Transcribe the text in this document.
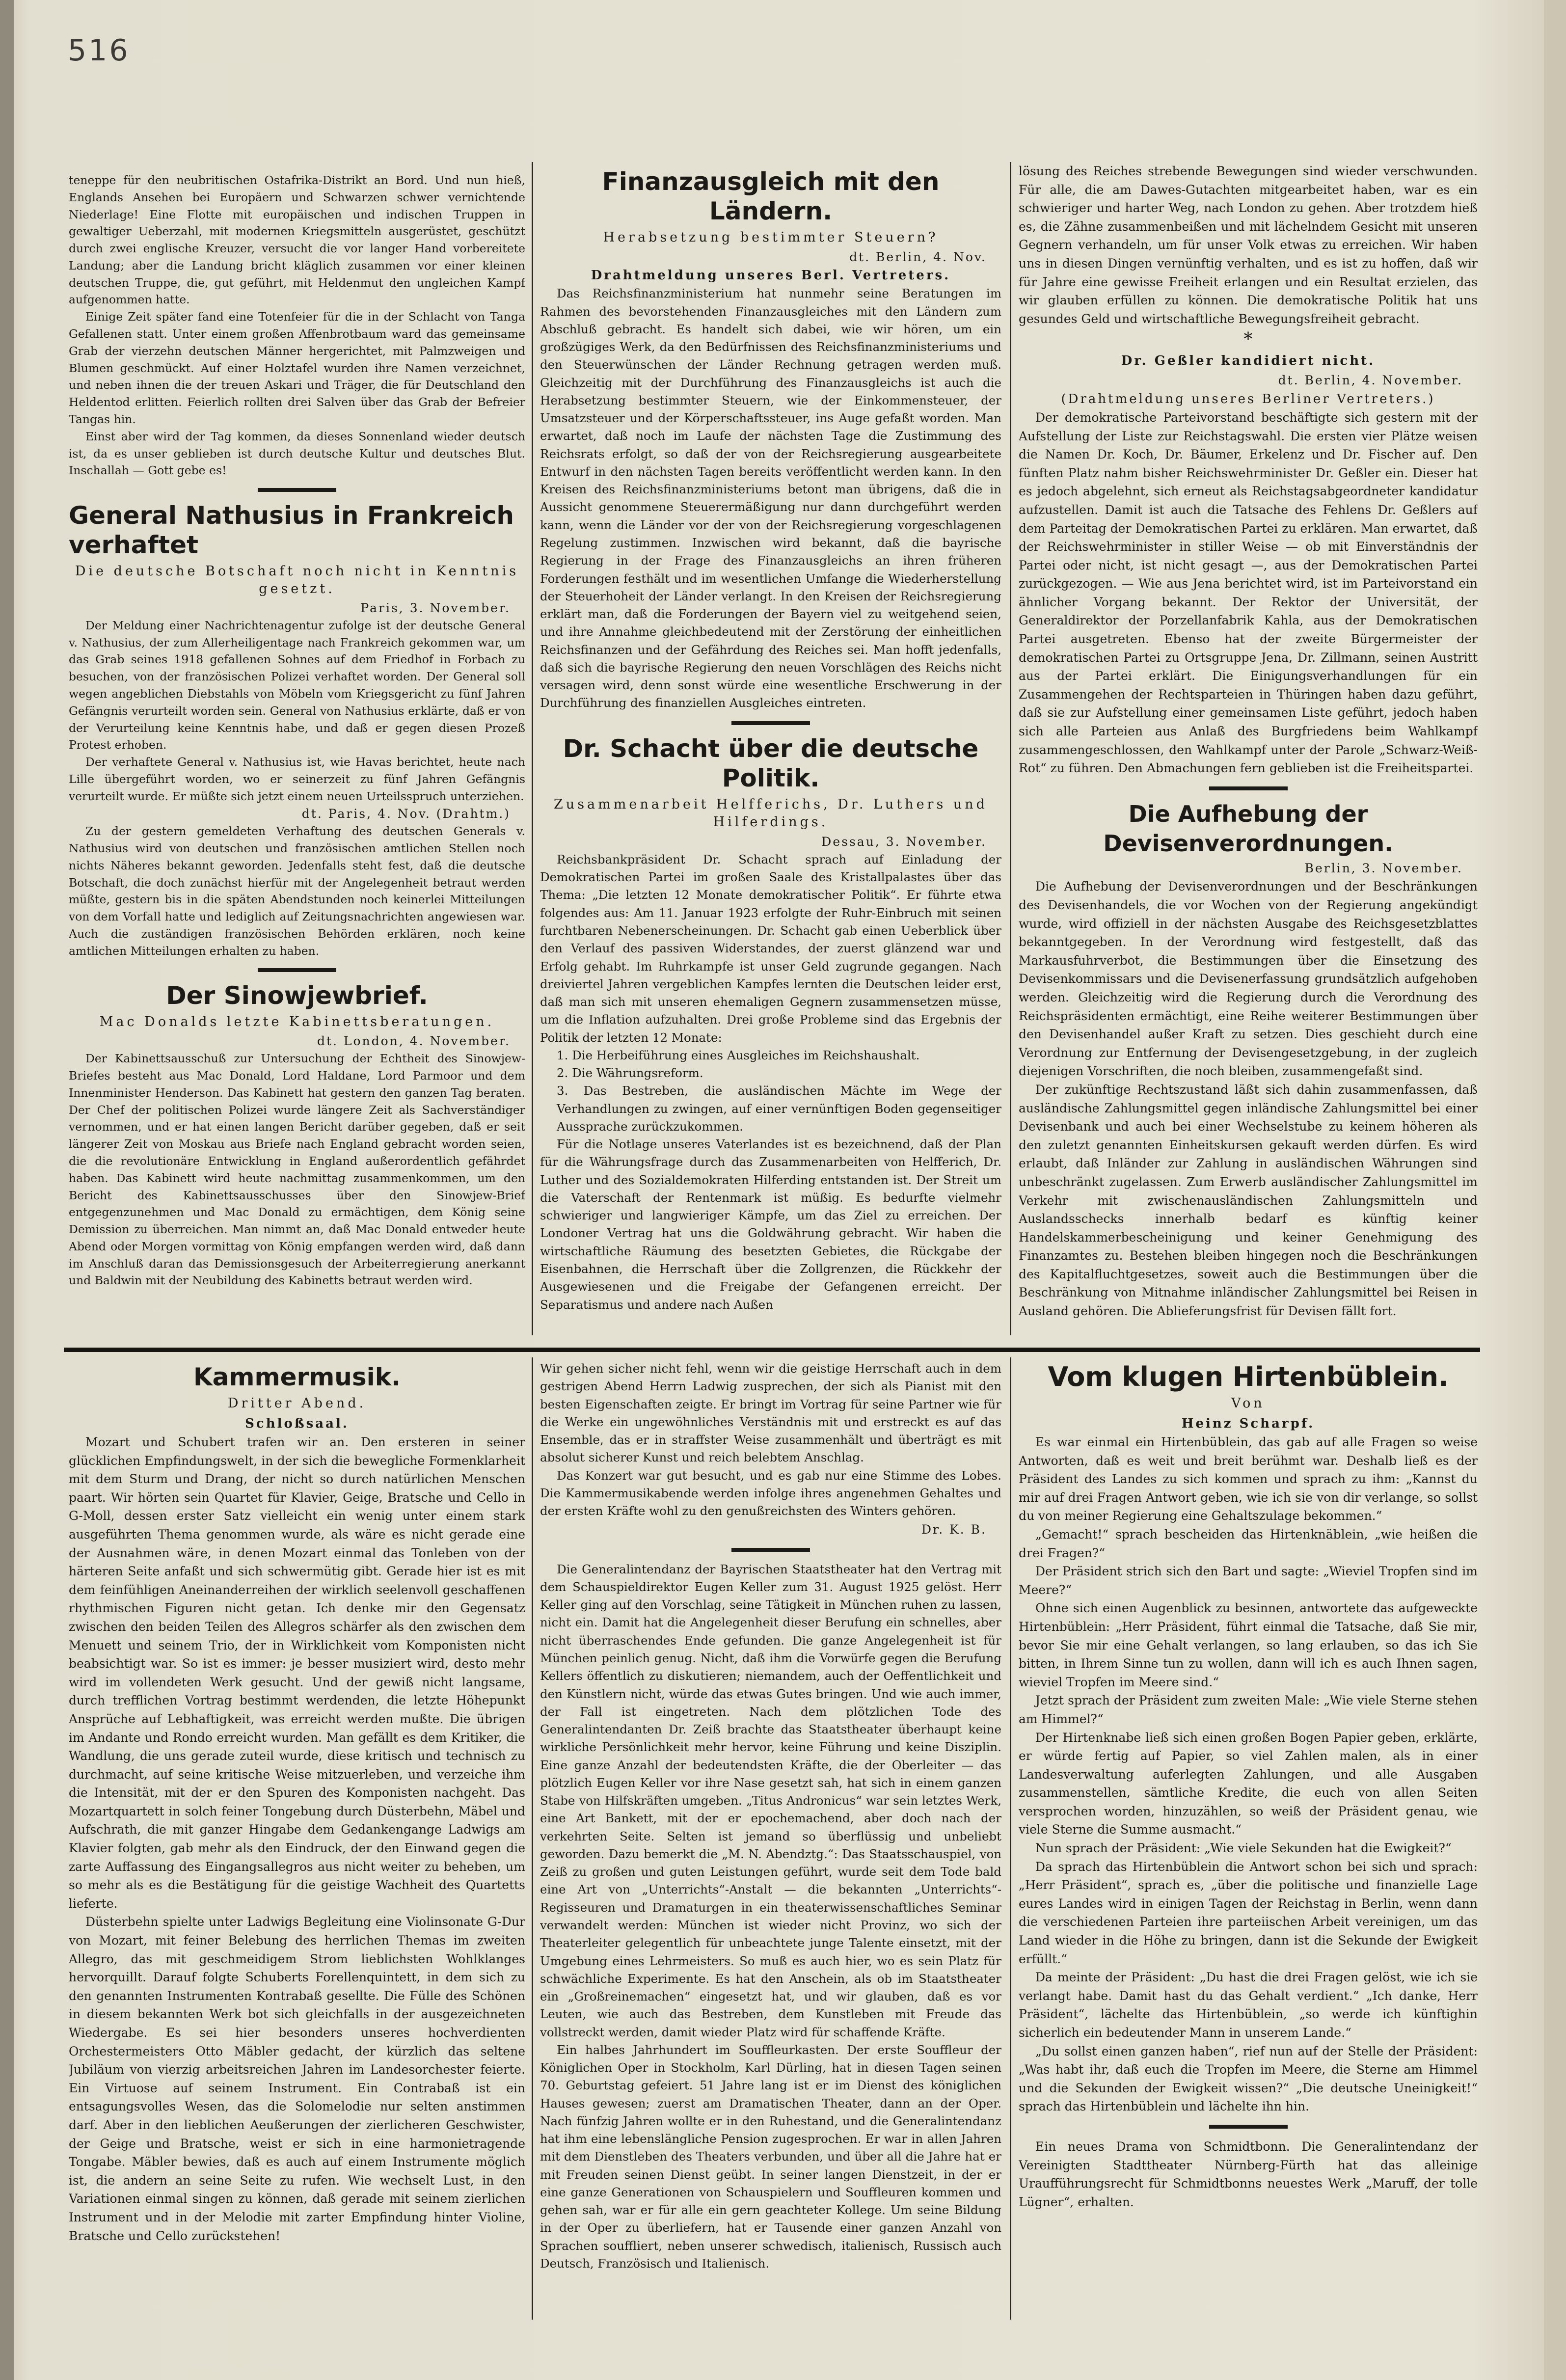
516

teneppe für den neubritischen Ostafrika-Distrikt an Bord. Und nun hieß, Englands Ansehen bei Europäern und Schwarzen schwer vernichtende Niederlage! Eine Flotte mit europäischen und indischen Truppen in gewaltiger Ueberzahl, mit modernen Kriegsmitteln ausgerüstet, geschützt durch zwei englische Kreuzer, versucht die vor langer Hand vorbereitete Landung; aber die Landung bricht kläglich zusammen vor einer kleinen deutschen Truppe, die, gut geführt, mit Heldenmut den ungleichen Kampf aufgenommen hatte.

Einige Zeit später fand eine Totenfeier für die in der Schlacht von Tanga Gefallenen statt. Unter einem großen Affenbrotbaum ward das gemeinsame Grab der vierzehn deutschen Männer hergerichtet, mit Palmzweigen und Blumen geschmückt. Auf einer Holztafel wurden ihre Namen verzeichnet, und neben ihnen die der treuen Askari und Träger, die für Deutschland den Heldentod erlitten. Feierlich rollten drei Salven über das Grab der Befreier Tangas hin.

Einst aber wird der Tag kommen, da dieses Sonnenland wieder deutsch ist, da es unser geblieben ist durch deutsche Kultur und deutsches Blut. Inschallah — Gott gebe es!

General Nathusius in Frankreich verhaftet
Die deutsche Botschaft noch nicht in Kenntnis gesetzt.
Paris, 3. November.

Der Meldung einer Nachrichtenagentur zufolge ist der deutsche General v. Nathusius, der zum Allerheiligentage nach Frankreich gekommen war, um das Grab seines 1918 gefallenen Sohnes auf dem Friedhof in Forbach zu besuchen, von der französischen Polizei verhaftet worden. Der General soll wegen angeblichen Diebstahls von Möbeln vom Kriegsgericht zu fünf Jahren Gefängnis verurteilt worden sein. General von Nathusius erklärte, daß er von der Verurteilung keine Kenntnis habe, und daß er gegen diesen Prozeß Protest erhoben.

Der verhaftete General v. Nathusius ist, wie Havas berichtet, heute nach Lille übergeführt worden, wo er seinerzeit zu fünf Jahren Gefängnis verurteilt wurde. Er müßte sich jetzt einem neuen Urteilsspruch unterziehen.

dt. Paris, 4. Nov. (Drahtm.)

Zu der gestern gemeldeten Verhaftung des deutschen Generals v. Nathusius wird von deutschen und französischen amtlichen Stellen noch nichts Näheres bekannt geworden. Jedenfalls steht fest, daß die deutsche Botschaft, die doch zunächst hierfür mit der Angelegenheit betraut werden müßte, gestern bis in die späten Abendstunden noch keinerlei Mitteilungen von dem Vorfall hatte und lediglich auf Zeitungsnachrichten angewiesen war. Auch die zuständigen französischen Behörden erklären, noch keine amtlichen Mitteilungen erhalten zu haben.

Der Sinowjewbrief.
Mac Donalds letzte Kabinettsberatungen.
dt. London, 4. November.

Der Kabinettsausschuß zur Untersuchung der Echtheit des Sinowjew-Briefes besteht aus Mac Donald, Lord Haldane, Lord Parmoor und dem Innenminister Henderson. Das Kabinett hat gestern den ganzen Tag beraten. Der Chef der politischen Polizei wurde längere Zeit als Sachverständiger vernommen, und er hat einen langen Bericht darüber gegeben, daß er seit längerer Zeit von Moskau aus Briefe nach England gebracht worden seien, die die revolutionäre Entwicklung in England außerordentlich gefährdet haben. Das Kabinett wird heute nachmittag zusammenkommen, um den Bericht des Kabinettsausschusses über den Sinowjew-Brief entgegenzunehmen und Mac Donald zu ermächtigen, dem König seine Demission zu überreichen. Man nimmt an, daß Mac Donald entweder heute Abend oder Morgen vormittag von König empfangen werden wird, daß dann im Anschluß daran das Demissionsgesuch der Arbeiterregierung anerkannt und Baldwin mit der Neubildung des Kabinetts betraut werden wird.

Finanzausgleich mit den Ländern.
Herabsetzung bestimmter Steuern?
dt. Berlin, 4. Nov.
Drahtmeldung unseres Berl. Vertreters.

Das Reichsfinanzministerium hat nunmehr seine Beratungen im Rahmen des bevorstehenden Finanzausgleiches mit den Ländern zum Abschluß gebracht. Es handelt sich dabei, wie wir hören, um ein großzügiges Werk, da den Bedürfnissen des Reichsfinanzministeriums und den Steuerwünschen der Länder Rechnung getragen werden muß. Gleichzeitig mit der Durchführung des Finanzausgleichs ist auch die Herabsetzung bestimmter Steuern, wie der Einkommensteuer, der Umsatzsteuer und der Körperschaftssteuer, ins Auge gefaßt worden. Man erwartet, daß noch im Laufe der nächsten Tage die Zustimmung des Reichsrats erfolgt, so daß der von der Reichsregierung ausgearbeitete Entwurf in den nächsten Tagen bereits veröffentlicht werden kann. In den Kreisen des Reichsfinanzministeriums betont man übrigens, daß die in Aussicht genommene Steuerermäßigung nur dann durchgeführt werden kann, wenn die Länder vor der von der Reichsregierung vorgeschlagenen Regelung zustimmen. Inzwischen wird bekannt, daß die bayrische Regierung in der Frage des Finanzausgleichs an ihren früheren Forderungen festhält und im wesentlichen Umfange die Wiederherstellung der Steuerhoheit der Länder verlangt. In den Kreisen der Reichsregierung erklärt man, daß die Forderungen der Bayern viel zu weitgehend seien, und ihre Annahme gleichbedeutend mit der Zerstörung der einheitlichen Reichsfinanzen und der Gefährdung des Reiches sei. Man hofft jedenfalls, daß sich die bayrische Regierung den neuen Vorschlägen des Reichs nicht versagen wird, denn sonst würde eine wesentliche Erschwerung in der Durchführung des finanziellen Ausgleiches eintreten.

Dr. Schacht über die deutsche Politik.
Zusammenarbeit Helfferichs, Dr. Luthers und Hilferdings.
Dessau, 3. November.

Reichsbankpräsident Dr. Schacht sprach auf Einladung der Demokratischen Partei im großen Saale des Kristallpalastes über das Thema: „Die letzten 12 Monate demokratischer Politik“. Er führte etwa folgendes aus: Am 11. Januar 1923 erfolgte der Ruhr-Einbruch mit seinen furchtbaren Nebenerscheinungen. Dr. Schacht gab einen Ueberblick über den Verlauf des passiven Widerstandes, der zuerst glänzend war und Erfolg gehabt. Im Ruhrkampfe ist unser Geld zugrunde gegangen. Nach dreiviertel Jahren vergeblichen Kampfes lernten die Deutschen leider erst, daß man sich mit unseren ehemaligen Gegnern zusammensetzen müsse, um die Inflation aufzuhalten. Drei große Probleme sind das Ergebnis der Politik der letzten 12 Monate:

1. Die Herbeiführung eines Ausgleiches im Reichshaushalt.

2. Die Währungsreform.

3. Das Bestreben, die ausländischen Mächte im Wege der Verhandlungen zu zwingen, auf einer vernünftigen Boden gegenseitiger Aussprache zurückzukommen.

Für die Notlage unseres Vaterlandes ist es bezeichnend, daß der Plan für die Währungsfrage durch das Zusammenarbeiten von Helfferich, Dr. Luther und des Sozialdemokraten Hilferding entstanden ist. Der Streit um die Vaterschaft der Rentenmark ist müßig. Es bedurfte vielmehr schwieriger und langwieriger Kämpfe, um das Ziel zu erreichen. Der Londoner Vertrag hat uns die Goldwährung gebracht. Wir haben die wirtschaftliche Räumung des besetzten Gebietes, die Rückgabe der Eisenbahnen, die Herrschaft über die Zollgrenzen, die Rückkehr der Ausgewiesenen und die Freigabe der Gefangenen erreicht. Der Separatismus und andere nach Außen

lösung des Reiches strebende Bewegungen sind wieder verschwunden. Für alle, die am Dawes-Gutachten mitgearbeitet haben, war es ein schwieriger und harter Weg, nach London zu gehen. Aber trotzdem hieß es, die Zähne zusammenbeißen und mit lächelndem Gesicht mit unseren Gegnern verhandeln, um für unser Volk etwas zu erreichen. Wir haben uns in diesen Dingen vernünftig verhalten, und es ist zu hoffen, daß wir für Jahre eine gewisse Freiheit erlangen und ein Resultat erzielen, das wir glauben erfüllen zu können. Die demokratische Politik hat uns gesundes Geld und wirtschaftliche Bewegungsfreiheit gebracht.

*
Dr. Geßler kandidiert nicht.
dt. Berlin, 4. November.
(Drahtmeldung unseres Berliner Vertreters.)

Der demokratische Parteivorstand beschäftigte sich gestern mit der Aufstellung der Liste zur Reichstagswahl. Die ersten vier Plätze weisen die Namen Dr. Koch, Dr. Bäumer, Erkelenz und Dr. Fischer auf. Den fünften Platz nahm bisher Reichswehrminister Dr. Geßler ein. Dieser hat es jedoch abgelehnt, sich erneut als Reichstagsabgeordneter kandidatur aufzustellen. Damit ist auch die Tatsache des Fehlens Dr. Geßlers auf dem Parteitag der Demokratischen Partei zu erklären. Man erwartet, daß der Reichswehrminister in stiller Weise — ob mit Einverständnis der Partei oder nicht, ist nicht gesagt —, aus der Demokratischen Partei zurückgezogen. — Wie aus Jena berichtet wird, ist im Parteivorstand ein ähnlicher Vorgang bekannt. Der Rektor der Universität, der Generaldirektor der Porzellanfabrik Kahla, aus der Demokratischen Partei ausgetreten. Ebenso hat der zweite Bürgermeister der demokratischen Partei zu Ortsgruppe Jena, Dr. Zillmann, seinen Austritt aus der Partei erklärt. Die Einigungsverhandlungen für ein Zusammengehen der Rechtsparteien in Thüringen haben dazu geführt, daß sie zur Aufstellung einer gemeinsamen Liste geführt, jedoch haben sich alle Parteien aus Anlaß des Burgfriedens beim Wahlkampf zusammengeschlossen, den Wahlkampf unter der Parole „Schwarz-Weiß-Rot“ zu führen. Den Abmachungen fern geblieben ist die Freiheitspartei.

Die Aufhebung der Devisenverordnungen.
Berlin, 3. November.

Die Aufhebung der Devisenverordnungen und der Beschränkungen des Devisenhandels, die vor Wochen von der Regierung angekündigt wurde, wird offiziell in der nächsten Ausgabe des Reichsgesetzblattes bekanntgegeben. In der Verordnung wird festgestellt, daß das Markausfuhrverbot, die Bestimmungen über die Einsetzung des Devisenkommissars und die Devisenerfassung grundsätzlich aufgehoben werden. Gleichzeitig wird die Regierung durch die Verordnung des Reichspräsidenten ermächtigt, eine Reihe weiterer Bestimmungen über den Devisenhandel außer Kraft zu setzen. Dies geschieht durch eine Verordnung zur Entfernung der Devisengesetzgebung, in der zugleich diejenigen Vorschriften, die noch bleiben, zusammengefaßt sind.

Der zukünftige Rechtszustand läßt sich dahin zusammenfassen, daß ausländische Zahlungsmittel gegen inländische Zahlungsmittel bei einer Devisenbank und auch bei einer Wechselstube zu keinem höheren als den zuletzt genannten Einheitskursen gekauft werden dürfen. Es wird erlaubt, daß Inländer zur Zahlung in ausländischen Währungen sind unbeschränkt zugelassen. Zum Erwerb ausländischer Zahlungsmittel im Verkehr mit zwischenausländischen Zahlungsmitteln und Auslandsschecks innerhalb bedarf es künftig keiner Handelskammerbescheinigung und keiner Genehmigung des Finanzamtes zu. Bestehen bleiben hingegen noch die Beschränkungen des Kapitalfluchtgesetzes, soweit auch die Bestimmungen über die Beschränkung von Mitnahme inländischer Zahlungsmittel bei Reisen in Ausland gehören. Die Ablieferungsfrist für Devisen fällt fort.

Kammermusik.
Dritter Abend.
Schloßsaal.

Mozart und Schubert trafen wir an. Den ersteren in seiner glücklichen Empfindungswelt, in der sich die bewegliche Formenklarheit mit dem Sturm und Drang, der nicht so durch natürlichen Menschen paart. Wir hörten sein Quartet für Klavier, Geige, Bratsche und Cello in G-Moll, dessen erster Satz vielleicht ein wenig unter einem stark ausgeführten Thema genommen wurde, als wäre es nicht gerade eine der Ausnahmen wäre, in denen Mozart einmal das Tonleben von der härteren Seite anfaßt und sich schwermütig gibt. Gerade hier ist es mit dem feinfühligen Aneinanderreihen der wirklich seelenvoll geschaffenen rhythmischen Figuren nicht getan. Ich denke mir den Gegensatz zwischen den beiden Teilen des Allegros schärfer als den zwischen dem Menuett und seinem Trio, der in Wirklichkeit vom Komponisten nicht beabsichtigt war. So ist es immer: je besser musiziert wird, desto mehr wird im vollendeten Werk gesucht. Und der gewiß nicht langsame, durch trefflichen Vortrag bestimmt werdenden, die letzte Höhepunkt Ansprüche auf Lebhaftigkeit, was erreicht werden mußte. Die übrigen im Andante und Rondo erreicht wurden. Man gefällt es dem Kritiker, die Wandlung, die uns gerade zuteil wurde, diese kritisch und technisch zu durchmacht, auf seine kritische Weise mitzuerleben, und verzeiche ihm die Intensität, mit der er den Spuren des Komponisten nachgeht. Das Mozartquartett in solch feiner Tongebung durch Düsterbehn, Mäbel und Aufschrath, die mit ganzer Hingabe dem Gedankengange Ladwigs am Klavier folgten, gab mehr als den Eindruck, der den Einwand gegen die zarte Auffassung des Eingangsallegros aus nicht weiter zu beheben, um so mehr als es die Bestätigung für die geistige Wachheit des Quartetts lieferte.

Düsterbehn spielte unter Ladwigs Begleitung eine Violinsonate G-Dur von Mozart, mit feiner Belebung des herrlichen Themas im zweiten Allegro, das mit geschmeidigem Strom lieblichsten Wohlklanges hervorquillt. Darauf folgte Schuberts Forellenquintett, in dem sich zu den genannten Instrumenten Kontrabaß gesellte. Die Fülle des Schönen in diesem bekannten Werk bot sich gleichfalls in der ausgezeichneten Wiedergabe. Es sei hier besonders unseres hochverdienten Orchestermeisters Otto Mäbler gedacht, der kürzlich das seltene Jubiläum von vierzig arbeitsreichen Jahren im Landesorchester feierte. Ein Virtuose auf seinem Instrument. Ein Contrabaß ist ein entsagungsvolles Wesen, das die Solomelodie nur selten anstimmen darf. Aber in den lieblichen Aeußerungen der zierlicheren Geschwister, der Geige und Bratsche, weist er sich in eine harmonietragende Tongabe. Mäbler bewies, daß es auch auf einem Instrumente möglich ist, die andern an seine Seite zu rufen. Wie wechselt Lust, in den Variationen einmal singen zu können, daß gerade mit seinem zierlichen Instrument und in der Melodie mit zarter Empfindung hinter Violine, Bratsche und Cello zurückstehen!

Wir gehen sicher nicht fehl, wenn wir die geistige Herrschaft auch in dem gestrigen Abend Herrn Ladwig zusprechen, der sich als Pianist mit den besten Eigenschaften zeigte. Er bringt im Vortrag für seine Partner wie für die Werke ein ungewöhnliches Verständnis mit und erstreckt es auf das Ensemble, das er in straffster Weise zusammenhält und überträgt es mit absolut sicherer Kunst und reich belebtem Anschlag.

Das Konzert war gut besucht, und es gab nur eine Stimme des Lobes. Die Kammermusikabende werden infolge ihres angenehmen Gehaltes und der ersten Kräfte wohl zu den genußreichsten des Winters gehören.

Dr. K. B.

Die Generalintendanz der Bayrischen Staatstheater hat den Vertrag mit dem Schauspieldirektor Eugen Keller zum 31. August 1925 gelöst. Herr Keller ging auf den Vorschlag, seine Tätigkeit in München ruhen zu lassen, nicht ein. Damit hat die Angelegenheit dieser Berufung ein schnelles, aber nicht überraschendes Ende gefunden. Die ganze Angelegenheit ist für München peinlich genug. Nicht, daß ihm die Vorwürfe gegen die Berufung Kellers öffentlich zu diskutieren; niemandem, auch der Oeffentlichkeit und den Künstlern nicht, würde das etwas Gutes bringen. Und wie auch immer, der Fall ist eingetreten. Nach dem plötzlichen Tode des Generalintendanten Dr. Zeiß brachte das Staatstheater überhaupt keine wirkliche Persönlichkeit mehr hervor, keine Führung und keine Disziplin. Eine ganze Anzahl der bedeutendsten Kräfte, die der Oberleiter — das plötzlich Eugen Keller vor ihre Nase gesetzt sah, hat sich in einem ganzen Stabe von Hilfskräften umgeben. „Titus Andronicus“ war sein letztes Werk, eine Art Bankett, mit der er epochemachend, aber doch nach der verkehrten Seite. Selten ist jemand so überflüssig und unbeliebt geworden. Dazu bemerkt die „M. N. Abendztg.“: Das Staatsschauspiel, von Zeiß zu großen und guten Leistungen geführt, wurde seit dem Tode bald eine Art von „Unterrichts“-Anstalt — die bekannten „Unterrichts“-Regisseuren und Dramaturgen in ein theaterwissenschaftliches Seminar verwandelt werden: München ist wieder nicht Provinz, wo sich der Theaterleiter gelegentlich für unbeachtete junge Talente einsetzt, mit der Umgebung eines Lehrmeisters. So muß es auch hier, wo es sein Platz für schwächliche Experimente. Es hat den Anschein, als ob im Staatstheater ein „Großreinemachen“ eingesetzt hat, und wir glauben, daß es vor Leuten, wie auch das Bestreben, dem Kunstleben mit Freude das vollstreckt werden, damit wieder Platz wird für schaffende Kräfte.

Ein halbes Jahrhundert im Souffleurkasten. Der erste Souffleur der Königlichen Oper in Stockholm, Karl Dürling, hat in diesen Tagen seinen 70. Geburtstag gefeiert. 51 Jahre lang ist er im Dienst des königlichen Hauses gewesen; zuerst am Dramatischen Theater, dann an der Oper. Nach fünfzig Jahren wollte er in den Ruhestand, und die Generalintendanz hat ihm eine lebenslängliche Pension zugesprochen. Er war in allen Jahren mit dem Dienstleben des Theaters verbunden, und über all die Jahre hat er mit Freuden seinen Dienst geübt. In seiner langen Dienstzeit, in der er eine ganze Generationen von Schauspielern und Souffleuren kommen und gehen sah, war er für alle ein gern geachteter Kollege. Um seine Bildung in der Oper zu überliefern, hat er Tausende einer ganzen Anzahl von Sprachen souffliert, neben unserer schwedisch, italienisch, Russisch auch Deutsch, Französisch und Italienisch.

Vom klugen Hirtenbüblein.
Von
Heinz Scharpf.

Es war einmal ein Hirtenbüblein, das gab auf alle Fragen so weise Antworten, daß es weit und breit berühmt war. Deshalb ließ es der Präsident des Landes zu sich kommen und sprach zu ihm: „Kannst du mir auf drei Fragen Antwort geben, wie ich sie von dir verlange, so sollst du von meiner Regierung eine Gehaltszulage bekommen.“

„Gemacht!“ sprach bescheiden das Hirtenknäblein, „wie heißen die drei Fragen?“

Der Präsident strich sich den Bart und sagte: „Wieviel Tropfen sind im Meere?“

Ohne sich einen Augenblick zu besinnen, antwortete das aufgeweckte Hirtenbüblein: „Herr Präsident, führt einmal die Tatsache, daß Sie mir, bevor Sie mir eine Gehalt verlangen, so lang erlauben, so das ich Sie bitten, in Ihrem Sinne tun zu wollen, dann will ich es auch Ihnen sagen, wieviel Tropfen im Meere sind.“

Jetzt sprach der Präsident zum zweiten Male: „Wie viele Sterne stehen am Himmel?“

Der Hirtenknabe ließ sich einen großen Bogen Papier geben, erklärte, er würde fertig auf Papier, so viel Zahlen malen, als in einer Landesverwaltung auferlegten Zahlungen, und alle Ausgaben zusammenstellen, sämtliche Kredite, die euch von allen Seiten versprochen worden, hinzuzählen, so weiß der Präsident genau, wie viele Sterne die Summe ausmacht.“

Nun sprach der Präsident: „Wie viele Sekunden hat die Ewigkeit?“

Da sprach das Hirtenbüblein die Antwort schon bei sich und sprach: „Herr Präsident“, sprach es, „über die politische und finanzielle Lage eures Landes wird in einigen Tagen der Reichstag in Berlin, wenn dann die verschiedenen Parteien ihre parteiischen Arbeit vereinigen, um das Land wieder in die Höhe zu bringen, dann ist die Sekunde der Ewigkeit erfüllt.“

Da meinte der Präsident: „Du hast die drei Fragen gelöst, wie ich sie verlangt habe. Damit hast du das Gehalt verdient.“ „Ich danke, Herr Präsident“, lächelte das Hirtenbüblein, „so werde ich künftighin sicherlich ein bedeutender Mann in unserem Lande.“

„Du sollst einen ganzen haben“, rief nun auf der Stelle der Präsident: „Was habt ihr, daß euch die Tropfen im Meere, die Sterne am Himmel und die Sekunden der Ewigkeit wissen?“ „Die deutsche Uneinigkeit!“ sprach das Hirtenbüblein und lächelte ihn hin.

Ein neues Drama von Schmidtbonn. Die Generalintendanz der Vereinigten Stadttheater Nürnberg-Fürth hat das alleinige Uraufführungsrecht für Schmidtbonns neuestes Werk „Maruff, der tolle Lügner“, erhalten.
